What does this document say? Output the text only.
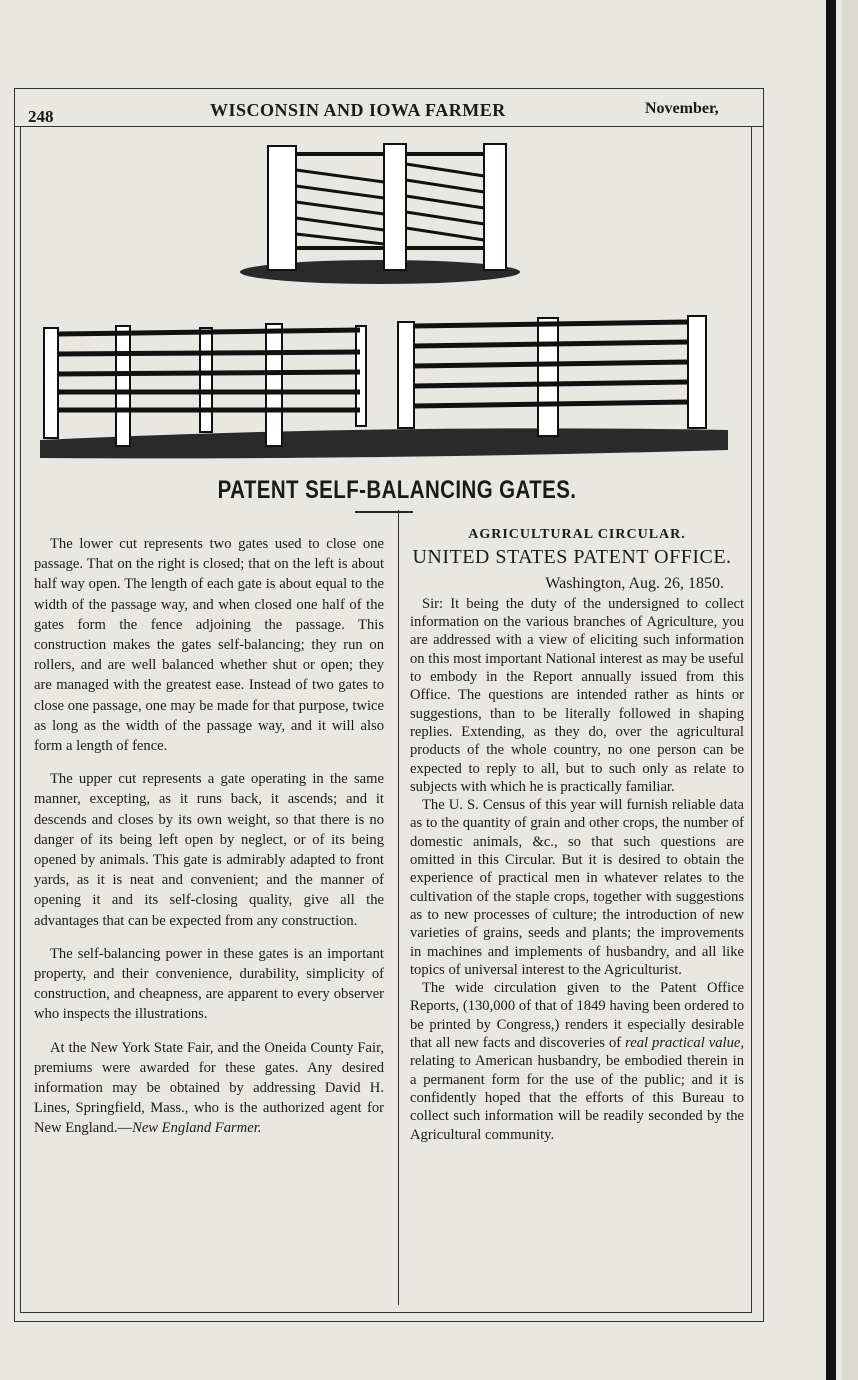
248	WISCONSIN AND IOWA FARMER	November,
PATENT SELF-BALANCING GATES.

The lower cut represents two gates used to close one passage. That on the right is closed; that on the left is about half way open. The length of each gate is about equal to the width of the passage way, and when closed one half of the gates form the fence adjoining the passage. This construction makes the gates self-balancing; they run on rollers, and are well balanced whether shut or open; they are managed with the greatest ease. Instead of two gates to close one passage, one may be made for that purpose, twice as long as the width of the passage way, and it will also form a length of fence.

The upper cut represents a gate operating in the same manner, excepting, as it runs back, it ascends; and it descends and closes by its own weight, so that there is no danger of its being left open by neglect, or of its being opened by animals. This gate is admirably adapted to front yards, as it is neat and convenient; and the manner of opening it and its self-closing quality, give all the advantages that can be expected from any construction.

The self-balancing power in these gates is an important property, and their convenience, durability, simplicity of construction, and cheapness, are apparent to every observer who inspects the illustrations.

At the New York State Fair, and the Oneida County Fair, premiums were awarded for these gates. Any desired information may be obtained by addressing David H. Lines, Springfield, Mass., who is the authorized agent for New England.—New England Farmer.

AGRICULTURAL CIRCULAR.
UNITED STATES PATENT OFFICE.
Washington, Aug. 26, 1850.

Sir: It being the duty of the undersigned to collect information on the various branches of Agriculture, you are addressed with a view of eliciting such information on this most important National interest as may be useful to embody in the Report annually issued from this Office. The questions are intended rather as hints or suggestions, than to be literally followed in shaping replies. Extending, as they do, over the agricultural products of the whole country, no one person can be expected to reply to all, but to such only as relate to subjects with which he is practically familiar.

The U. S. Census of this year will furnish reliable data as to the quantity of grain and other crops, the number of domestic animals, &c., so that such questions are omitted in this Circular. But it is desired to obtain the experience of practical men in whatever relates to the cultivation of the staple crops, together with suggestions as to new processes of culture; the introduction of new varieties of grains, seeds and plants; the improvements in machines and implements of husbandry, and all like topics of universal interest to the Agriculturist.

The wide circulation given to the Patent Office Reports, (130,000 of that of 1849 having been ordered to be printed by Congress,) renders it especially desirable that all new facts and discoveries of real practical value, relating to American husbandry, be embodied therein in a permanent form for the use of the public; and it is confidently hoped that the efforts of this Bureau to collect such information will be readily seconded by the Agricultural community.
